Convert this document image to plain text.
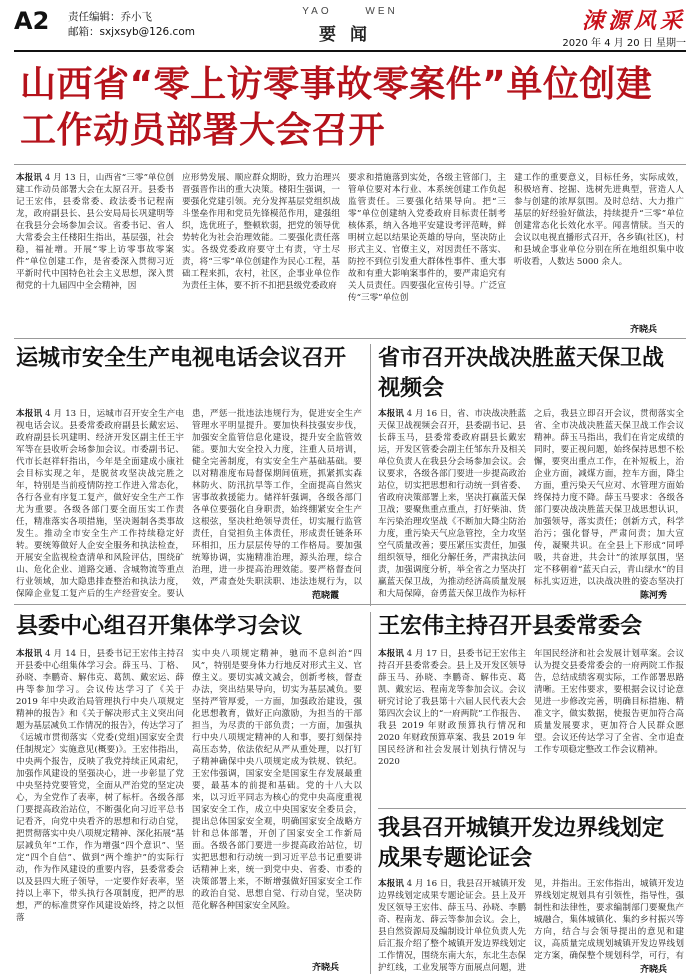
A2 责任编辑：乔小飞
邮箱：sxjxsyb@126.com
YAO	WEN
要闻
涑源风采
2020 年 4 月 20 日 星期一
山西省“零上访零事故零案件”单位创建工作动员部署大会召开
本报讯 4 月 13 日，山西省“三零”单位创建工作动员部署大会在太原召开。县委书记王宏伟，县委常委、政法委书记程南龙，政府副县长、县公安局局长巩建明等在我县分会场参加会议。省委书记、省人大常委会主任楼阳生指出，基层强，社会稳，福祉增。开展“零上访零事故零案件”单位创建工作，是省委深入贯彻习近平新时代中国特色社会主义思想，深入贯彻党的十九届四中全会精神，因
应形势发展、顺应群众期盼，致力治理兴晋强晋作出的重大决策。楼阳生强调，一要强化党建引领。充分发挥基层党组织战斗堡垒作用和党员先锋模范作用，建强组织，选优班子，整顿软弱，把党的领导优势转化为社会治理效能。二要强化责任落实。各级党委政府要守土有责，守土尽责，将“三零”单位创建作为民心工程，基础工程来抓，农村，社区，企事业单位作为责任主体，要不折不扣把县级党委政府
要求和措施落到实处，各级主管部门，主管单位要对本行业、本系统创建工作负起监管责任。三要强化结果导向。把“三零”单位创建纳入党委政府目标责任制考核体系，纳入各地平安建设考评范畴，鲜明树立起以结果论英雄的导向，坚决防止形式主义、官僚主义，对因责任不落实、防控不到位引发重大群体性事件、重大事故和有重大影响案事件的，要严肃追究有关人员责任。四要强化宣传引导。广泛宣传“三零”单位创
建工作的重要意义，目标任务，实际成效，积极培育、挖掘、选树先进典型，营造人人参与创建的浓厚氛围。及时总结、大力推广基层的好经验好做法，持续提升“三零”单位创建常态化长效化水平。闻喜情牍。当天的会议以电视直播形式召开，各乡镇(社区)，村和县域企事业单位分别在所在地组织集中收听收看，人数达 5000 余人。
齐晓兵
运城市安全生产电视电话会议召开
本报讯 4 月 13 日，运城市召开安全生产电视电话会议。县委常委政府副县长戴宏运、政府副县长巩建明、经济开发区副主任王宇军等在县收听会场参加会议。市委副书记、代市长赵祥轩指出，今年是全面建成小康社会目标实现之年，是脱贫攻坚决战完胜之年，特别是当前疫情防控工作进入常态化，各行各业有序复工复产，做好安全生产工作尤为重要。各级各部门要全面压实工作责任，精准落实各项措施，坚决遏制各类事故发生。推动全市安全生产工作持续稳定好转。要统筹做好人企安全服务和执法检查，开展安全监视检查清单和风险评估，围绕矿山、危化企业、道路交通、含城物流等重点行业领域，加大隐患排查整治和执法力度，保障企业复工复产后的生产经营安全。要认
患，严惩一批违法违规行为，促进安全生产管理水平明显提升。要加快科技强安步伐，加强安全监管信息化建设，提升安全监管效能。要加大安全投入力度，注重人员培训，健全完善制度，有实安全生产基础基础。要以对精准度布局督保期间值班，抓紧抓实森林防火、防汛抗旱等工作，全面提高自然灾害事故救援能力。储祥轩强调，各级各部门各单位要强化自身职责，始终绷紧安全生产这根弦，坚决杜绝领导责任，切实履行监管责任，自觉担负主体责任，形成责任链条环环相扣，压力层层传导的工作格局。要加强统筹协调，实施精准治理，源头治理，综合治理，进一步提高治理效能。要严格督查问效，严肃查处失职渎职、违法违规行为，以
范晓霞
省市召开决战决胜蓝天保卫战视频会
本报讯 4 月 16 日，省、市决战决胜蓝天保卫战视频会召开，县委副书记、县长薛玉马，县委常委政府副县长戴宏运，开发区管委会副主任邹东升及相关单位负责人在我县分会场参加会议。会议要求，各级各部门要进一步提高政治站位，切实把思想和行动统一到省委、省政府决策部署上来，坚决打赢蓝天保卫战；要聚焦重点重点，打好柴油、货车污染治理攻坚战《不断加大降尘防治力度，重污染天气应急管控，全力攻坚空气质量改善；要压紧压实责任，加强组织领导，细化分解任务，严肃执法问责，加强调度分析，举全省之力坚决打赢蓝天保卫战，为推动经济高质量发展和大局保障，奋勇蓝天保卫战作为标杆
之后，我县立即召开会议，贯彻落实全省、全市决战决胜蓝天保卫战工作会议精神。薛玉马指出，我们在肯定成绩的同时，要正视问题，始终保持思想不松懈，要突出重点工作，在补短板上，治企业方面，减煤方面，控车方面，降尘方面，重污染天气应对、水管理方面始终保持力度不降。薛玉马要求：各级各部门要决战决胜蓝天保卫战思想认识，加强领导，落实责任；创新方式，科学治污；强化督导，严肃问责；加大宣传，凝聚共识。在全县上下形成“同呼吸，共奋进，共会计”的浓厚氛围，坚定不移朝着“蓝天白云，青山绿水”的目标扎实迈进，以决战决胜的姿态坚决打
陈河秀
县委中心组召开集体学习会议
本报讯 4 月 14 日，县委书记王宏伟主持召开县委中心组集体学习会。薛玉马、丁格、孙晓、李鹏奇、解伟克、葛凯、戴宏运、薛冉等参加学习。会议传达学习了《关于 2019 年中央政治局管理执行中央八项规定精神的报告》和《关于解决形式主义突出问题为基层减负工作情况的报告》，传达学习了《运城市贯彻落实〈党委(党组)国家安全责任制规定〉实施意见(概要)》。王宏伟指出，中央两个报告，反映了我党持续正风肃纪，加强作风建设的坚强决心，进一步彰显了党中央坚持党要管党，全面从严治党的坚定决心，为全党作了表率，树了标杆。各级各部门要提高政治站位，不断强化向习近平总书记看齐，向党中央看齐的思想和行动自觉，把贯彻落实中央八项规定精神、深化拓展“基层减负年”工作，作为增强“四个意识”、坚定“四个自信”、做到“两个维护”的实际行动，作为作风建设的重要内容，县委常委会以及县四大班子领导，一定要作好表率，坚持以上率下，带头执行各项制度，把严的思想，严的标准贯穿作风建设始终，持之以恒落
实中央八项规定精神，驰而不息纠治“四风”，特别是要身体力行地反对形式主义、官僚主义。要切实减文减会，创新考核，督查办法，突出结果导向，切实为基层减负。要坚持严管厚爱，一方面，加强政治建设，强化思想教育，做好正向激励，为担当的干部担当，为尽责的干部负责；一方面，加强执行中央八项规定精神的人和事，要打刻保持高压态势，依法依纪从严从重处理，以打钉子精神确保中央八项规定成为铁规、铁纪。王宏伟强调，国家安全是国家生存发展最重要，最基本的前提和基础。党的十八大以来，以习近平同志为核心的党中央高度重视国家安全工作，成立中央国家安全委员会，提出总体国家安全观，明确国家安全战略方针和总体部署，开创了国家安全工作新局面。各级各部门要进一步提高政治站位，切实把思想和行动统一到习近平总书记重要讲话精神上来，统一到党中央、省委、市委的决策部署上来，不断增强做好国家安全工作的政治自觉、思想自觉、行动自觉，坚决防范化解各种国家安全风险。
齐晓兵
王宏伟主持召开县委常委会
本报讯 4 月 17 日，县委书记王宏伟主持召开县委常委会。县上及开发区领导薛玉马、孙晓、李鹏奇、解伟克、葛凯、戴宏运、程南龙等参加会议。会议研究讨论了我县第十六届人民代表大会第四次会议上的“一府两院”工作报告、我县 2019 年财政预算执行情况和 2020 年财政预算草案、我县 2019 年国民经济和社会发展计划执行情况与 2020
年国民经济和社会发展计划草案。会议认为提交县委常委会的一府两院工作报告，总结成绩客观实际，工作部署思路清晰。王宏伟要求，要根据会议讨论意见进一步修改完善，明确目标措施、精准文字，做实数据，使报告更加符合高质量发展要求，更加符合人民群众愿望。会议还传达学习了全省、全市追查工作专项稳定整改工作会议精神。
我县召开城镇开发边界线划定成果专题论证会
本报讯 4 月 16 日，我县召开城镇开发边界线划定成果专题论证会。县上及开发区领导王宏伟、薛玉马、孙晓、李鹏奇、程南龙、薛云等参加会议。会上，县自然资源局及编制设计单位负责人先后汇报介绍了整个城镇开发边界线划定工作情况，围绕东南大东，东北生态保护红线，工业发展等方面展点问题，进
见，并指出。王宏伟指出，城镇开发边界线划定规划具有引领性，指导性，强制性和法律性，要求编制部门要聚焦产城融合，集体城镇化、集约乡村振兴等方向，结合与会领导提出的意见和建议，高质量完成规划城镇开发边界线划定方案，确保整个规划科学，可行，有
齐晓兵
